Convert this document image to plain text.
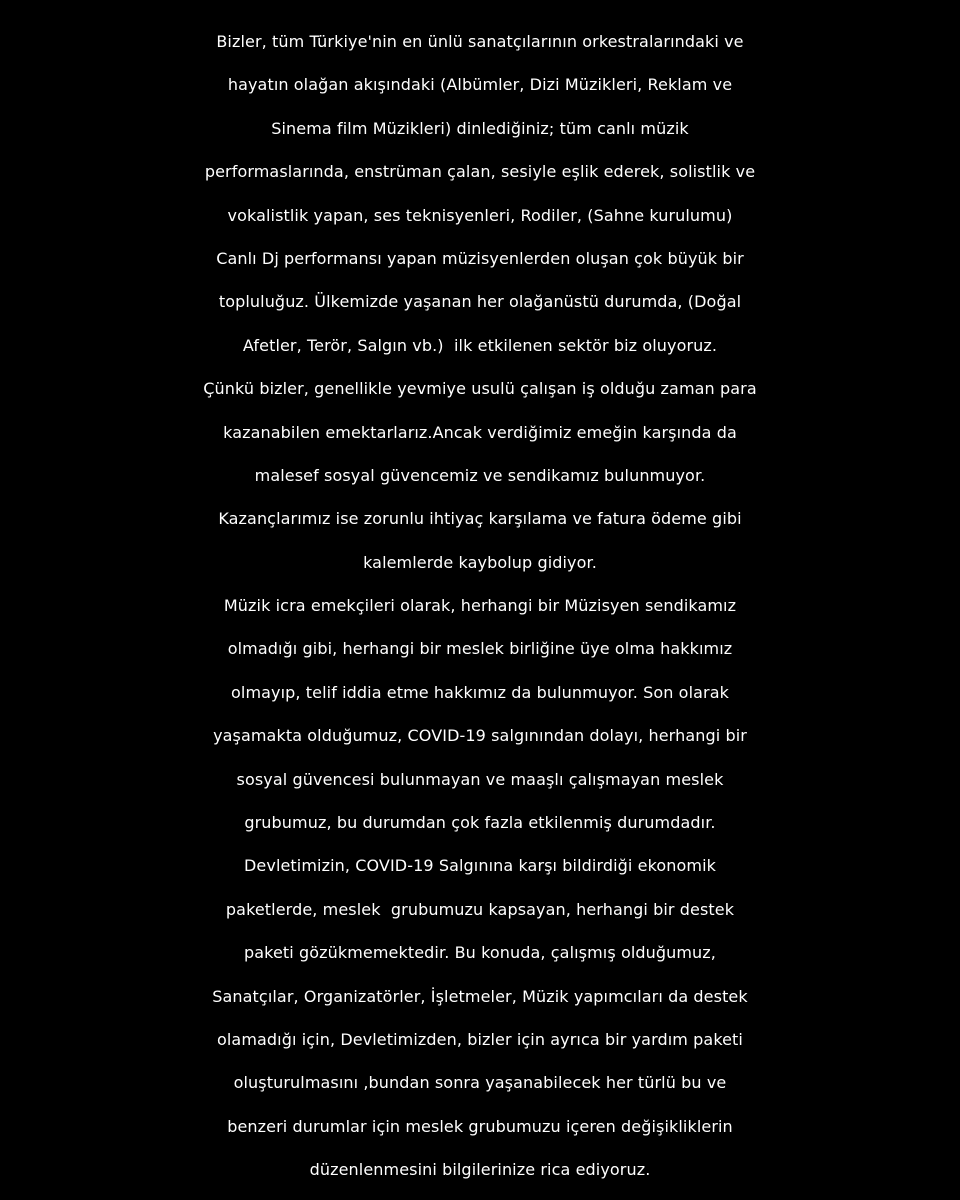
Bizler, tüm Türkiye'nin en ünlü sanatçılarının orkestralarındaki ve
hayatın olağan akışındaki (Albümler, Dizi Müzikleri, Reklam ve
Sinema film Müzikleri) dinlediğiniz; tüm canlı müzik
performaslarında, enstrüman çalan, sesiyle eşlik ederek, solistlik ve
vokalistlik yapan, ses teknisyenleri, Rodiler, (Sahne kurulumu)
Canlı Dj performansı yapan müzisyenlerden oluşan çok büyük bir
topluluğuz. Ülkemizde yaşanan her olağanüstü durumda, (Doğal
Afetler, Terör, Salgın vb.)  ilk etkilenen sektör biz oluyoruz.
Çünkü bizler, genellikle yevmiye usulü çalışan iş olduğu zaman para
kazanabilen emektarlarız.Ancak verdiğimiz emeğin karşında da
malesef sosyal güvencemiz ve sendikamız bulunmuyor.
Kazançlarımız ise zorunlu ihtiyaç karşılama ve fatura ödeme gibi
kalemlerde kaybolup gidiyor.
Müzik icra emekçileri olarak, herhangi bir Müzisyen sendikamız
olmadığı gibi, herhangi bir meslek birliğine üye olma hakkımız
olmayıp, telif iddia etme hakkımız da bulunmuyor. Son olarak
yaşamakta olduğumuz, COVID-19 salgınından dolayı, herhangi bir
sosyal güvencesi bulunmayan ve maaşlı çalışmayan meslek
grubumuz, bu durumdan çok fazla etkilenmiş durumdadır.
Devletimizin, COVID-19 Salgınına karşı bildirdiği ekonomik
paketlerde, meslek  grubumuzu kapsayan, herhangi bir destek
paketi gözükmemektedir. Bu konuda, çalışmış olduğumuz,
Sanatçılar, Organizatörler, İşletmeler, Müzik yapımcıları da destek
olamadığı için, Devletimizden, bizler için ayrıca bir yardım paketi
oluşturulmasını ,bundan sonra yaşanabilecek her türlü bu ve
benzeri durumlar için meslek grubumuzu içeren değişikliklerin
düzenlenmesini bilgilerinize rica ediyoruz.
